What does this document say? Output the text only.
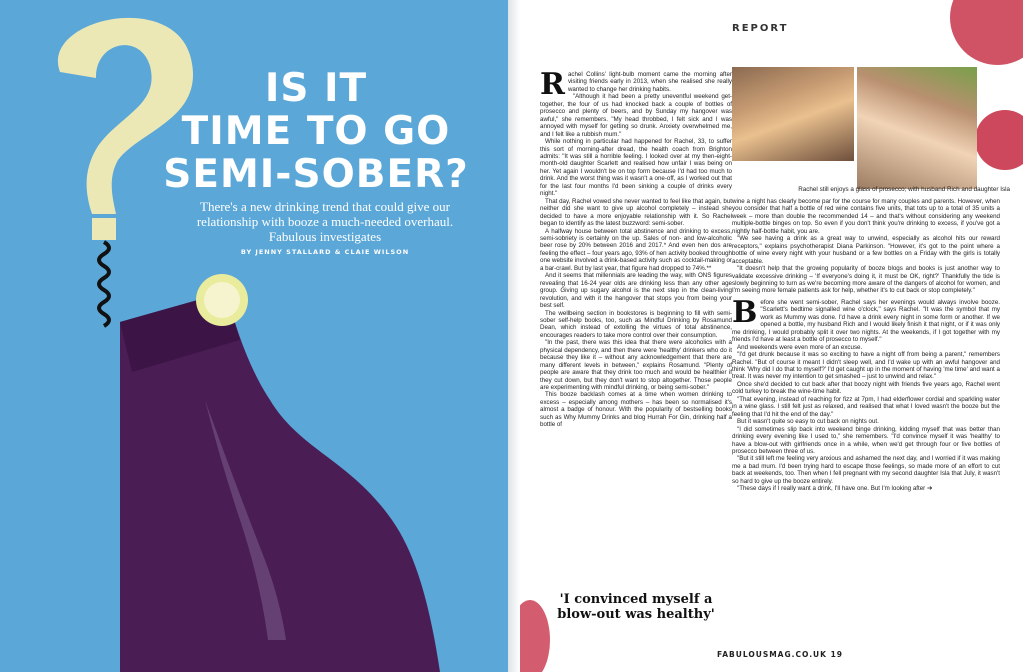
IS IT
TIME TO GO
SEMI-SOBER?
There's a new drinking trend that could give our relationship with booze a much-needed overhaul. Fabulous investigates
BY JENNY STALLARD & CLAIE WILSON
REPORT
Rachel still enjoys a glass of prosecco; with husband Rich and daughter Isla

Rachel Collins' light-bulb moment came the morning after visiting friends early in 2013, when she realised she really wanted to change her drinking habits.

"Although it had been a pretty uneventful weekend get-together, the four of us had knocked back a couple of bottles of prosecco and plenty of beers, and by Sunday my hangover was awful," she remembers. "My head throbbed, I felt sick and I was annoyed with myself for getting so drunk. Anxiety overwhelmed me, and I felt like a rubbish mum."

While nothing in particular had happened for Rachel, 33, to suffer this sort of morning-after dread, the health coach from Brighton admits: "It was still a horrible feeling. I looked over at my then-eight-month-old daughter Scarlett and realised how unfair I was being on her. Yet again I wouldn't be on top form because I'd had too much to drink. And the worst thing was it wasn't a one-off, as I worked out that for the last four months I'd been sinking a couple of drinks every night."

That day, Rachel vowed she never wanted to feel like that again, but neither did she want to give up alcohol completely – instead she decided to have a more enjoyable relationship with it. So Rachel began to identify as the latest buzzword: semi-sober.

A halfway house between total abstinence and drinking to excess, semi-sobriety is certainly on the up. Sales of non- and low-alcoholic beer rose by 20% between 2016 and 2017.* And even hen dos are feeling the effect – four years ago, 93% of hen activity booked through one website involved a drink-based activity such as cocktail-making or a bar-crawl. But by last year, that figure had dropped to 74%.**

And it seems that millennials are leading the way, with ONS figures revealing that 16-24 year olds are drinking less than any other age group. Giving up sugary alcohol is the next step in the clean-living revolution, and with it the hangover that stops you from being your best self.

The wellbeing section in bookstores is beginning to fill with semi-sober self-help books, too, such as Mindful Drinking by Rosamund Dean, which instead of extolling the virtues of total abstinence, encourages readers to take more control over their consumption.

"In the past, there was this idea that there were alcoholics with a physical dependency, and then there were 'healthy' drinkers who do it because they like it – without any acknowledgement that there are many different levels in between," explains Rosamund. "Plenty of people are aware that they drink too much and would be healthier if they cut down, but they don't want to stop altogether. Those people are experimenting with mindful drinking, or being semi-sober."

This booze backlash comes at a time when women drinking to excess – especially among mothers – has been so normalised it's almost a badge of honour. With the popularity of bestselling books such as Why Mummy Drinks and blog Hurrah For Gin, drinking half a bottle of

wine a night has clearly become par for the course for many couples and parents. However, when you consider that half a bottle of red wine contains five units, that tots up to a total of 35 units a week – more than double the recommended 14 – and that's without considering any weekend multiple-bottle binges on top. So even if you don't think you're drinking to excess, if you've got a nightly half-bottle habit, you are.

"We see having a drink as a great way to unwind, especially as alcohol hits our reward receptors," explains psychotherapist Diana Parkinson. "However, it's got to the point where a bottle of wine every night with your husband or a few bottles on a Friday with the girls is totally acceptable.

"It doesn't help that the growing popularity of booze blogs and books is just another way to validate excessive drinking – 'If everyone's doing it, it must be OK, right?' Thankfully the tide is slowly beginning to turn as we're becoming more aware of the dangers of alcohol for women, and I'm seeing more female patients ask for help, whether it's to cut back or stop completely."

Before she went semi-sober, Rachel says her evenings would always involve booze. "Scarlett's bedtime signalled wine o'clock," says Rachel. "It was the symbol that my work as Mummy was done. I'd have a drink every night in some form or another. If we opened a bottle, my husband Rich and I would likely finish it that night, or if it was only me drinking, I would probably split it over two nights. At the weekends, if I got together with my friends I'd have at least a bottle of prosecco to myself."

And weekends were even more of an excuse.

"I'd get drunk because it was so exciting to have a night off from being a parent," remembers Rachel. "But of course it meant I didn't sleep well, and I'd wake up with an awful hangover and think 'Why did I do that to myself?' I'd get caught up in the moment of having 'me time' and want a treat. It was never my intention to get smashed – just to unwind and relax."

Once she'd decided to cut back after that boozy night with friends five years ago, Rachel went cold turkey to break the wine-time habit.

"That evening, instead of reaching for fizz at 7pm, I had elderflower cordial and sparkling water in a wine glass. I still felt just as relaxed, and realised that what I loved wasn't the booze but the feeling that I'd hit the end of the day."

But it wasn't quite so easy to cut back on nights out.

"I did sometimes slip back into weekend binge drinking, kidding myself that was better than drinking every evening like I used to," she remembers. "I'd convince myself it was 'healthy' to have a blow-out with girlfriends once in a while, when we'd get through four or five bottles of prosecco between three of us.

"But it still left me feeling very anxious and ashamed the next day, and I worried if it was making me a bad mum. I'd been trying hard to escape those feelings, so made more of an effort to cut back at weekends, too. Then when I fell pregnant with my second daughter Isla that July, it wasn't so hard to give up the booze entirely.

"These days if I really want a drink, I'll have one. But I'm looking after ➔

'I convinced myself a blow-out was healthy'
FABULOUSMAG.CO.UK 19
